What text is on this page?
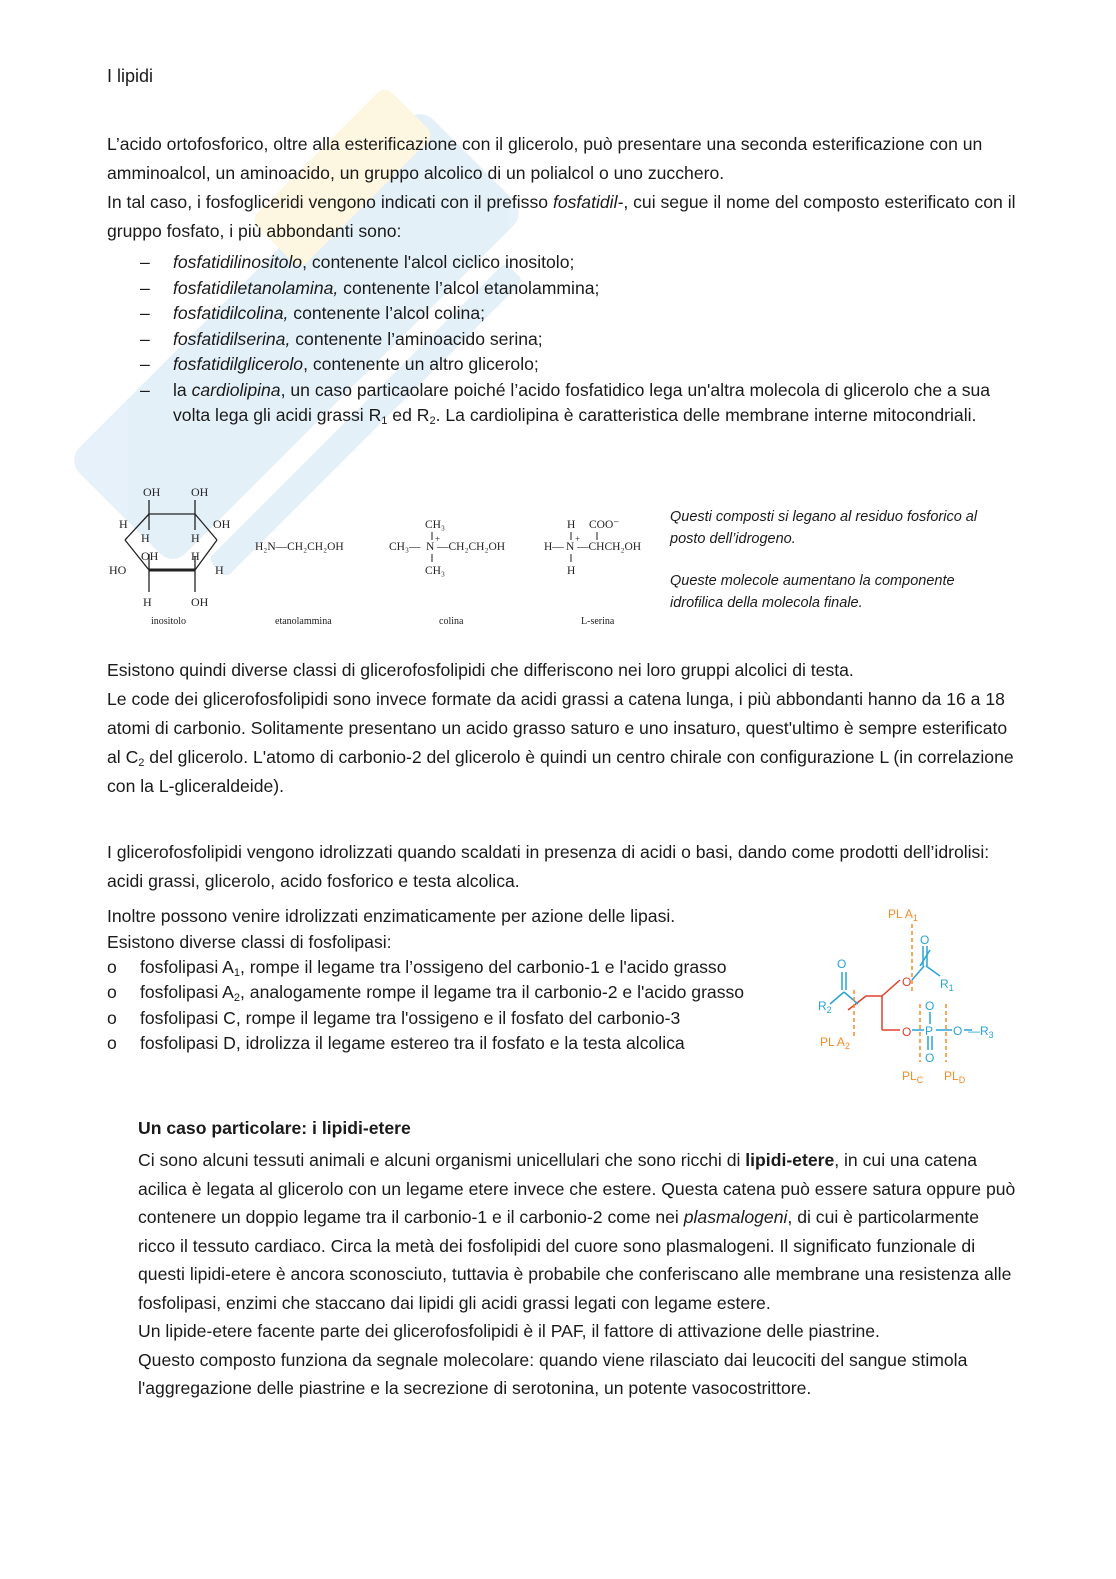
I lipidi

L’acido ortofosforico, oltre alla esterificazione con il glicerolo, può presentare una seconda esterificazione con un amminoalcol, un aminoacido, un gruppo alcolico di un polialcol o uno zucchero.
In tal caso, i fosfogliceridi vengono indicati con il prefisso fosfatidil-, cui segue il nome del composto esterificato con il gruppo fosfato, i più abbondanti sono:

– fosfatidilinositolo, contenente l'alcol ciclico inositolo;
– fosfatidiletanolamina, contenente l’alcol etanolammina;
– fosfatidilcolina, contenente l’alcol colina;
– fosfatidilserina, contenente l’aminoacido serina;
– fosfatidilglicerolo, contenente un altro glicerolo;
– la cardiolipina, un caso particaolare poiché l’acido fosfatidico lega un'altra molecola di glicerolo che a sua volta lega gli acidi grassi $R_1$ ed $R_2$. La cardiolipina è caratteristica delle membrane interne mitocondriali.
OH	OH
H	OH
H	H
OH	H
HO	H
H	OH
inositolo
H₂N—CH₂CH₂OH
etanolammina
CH₃
CH₃— N
+
—CH₂CH₂OH
CH₃
colina
H COO⁻
H— N
+
—CHCH₂OH
H
L-serina

Questi composti si legano al residuo fosforico al posto dell’idrogeno.

Queste molecole aumentano la componente idrofilica della molecola finale.

Esistono quindi diverse classi di glicerofosfolipidi che differiscono nei loro gruppi alcolici di testa.
Le code dei glicerofosfolipidi sono invece formate da acidi grassi a catena lunga, i più abbondanti hanno da 16 a 18 atomi di carbonio. Solitamente presentano un acido grasso saturo e uno insaturo, quest'ultimo è sempre esterificato al $C_2$ del glicerolo. L'atomo di carbonio-2 del glicerolo è quindi un centro chirale con configurazione L (in correlazione con la L-gliceraldeide).

I glicerofosfolipidi vengono idrolizzati quando scaldati in presenza di acidi o basi, dando come prodotti dell’idrolisi: acidi grassi, glicerolo, acido fosforico e testa alcolica.

Inoltre possono venire idrolizzati enzimaticamente per azione delle lipasi.
Esistono diverse classi di fosfolipasi:

o fosfolipasi $A_1$, rompe il legame tra l’ossigeno del carbonio-1 e l'acido grasso
o fosfolipasi $A_2$, analogamente rompe il legame tra il carbonio-2 e l'acido grasso
o fosfolipasi C, rompe il legame tra l'ossigeno e il fosfato del carbonio-3
o fosfolipasi D, idrolizza il legame estereo tra il fosfato e la testa alcolica
PL $A_1$
O
O
$R_2$
$R_1$
O
O
O
P
O
O $—R_3$
PL $A_2$
$PL_C$ $PL_D$
Un caso particolare: i lipidi-etere

Ci sono alcuni tessuti animali e alcuni organismi unicellulari che sono ricchi di lipidi-etere, in cui una catena acilica è legata al glicerolo con un legame etere invece che estere. Questa catena può essere satura oppure può contenere un doppio legame tra il carbonio-1 e il carbonio-2 come nei plasmalogeni, di cui è particolarmente ricco il tessuto cardiaco. Circa la metà dei fosfolipidi del cuore sono plasmalogeni. Il significato funzionale di questi lipidi-etere è ancora sconosciuto, tuttavia è probabile che conferiscano alle membrane una resistenza alle fosfolipasi, enzimi che staccano dai lipidi gli acidi grassi legati con legame estere.
Un lipide-etere facente parte dei glicerofosfolipidi è il PAF, il fattore di attivazione delle piastrine.
Questo composto funziona da segnale molecolare: quando viene rilasciato dai leucociti del sangue stimola l'aggregazione delle piastrine e la secrezione di serotonina, un potente vasocostrittore.
